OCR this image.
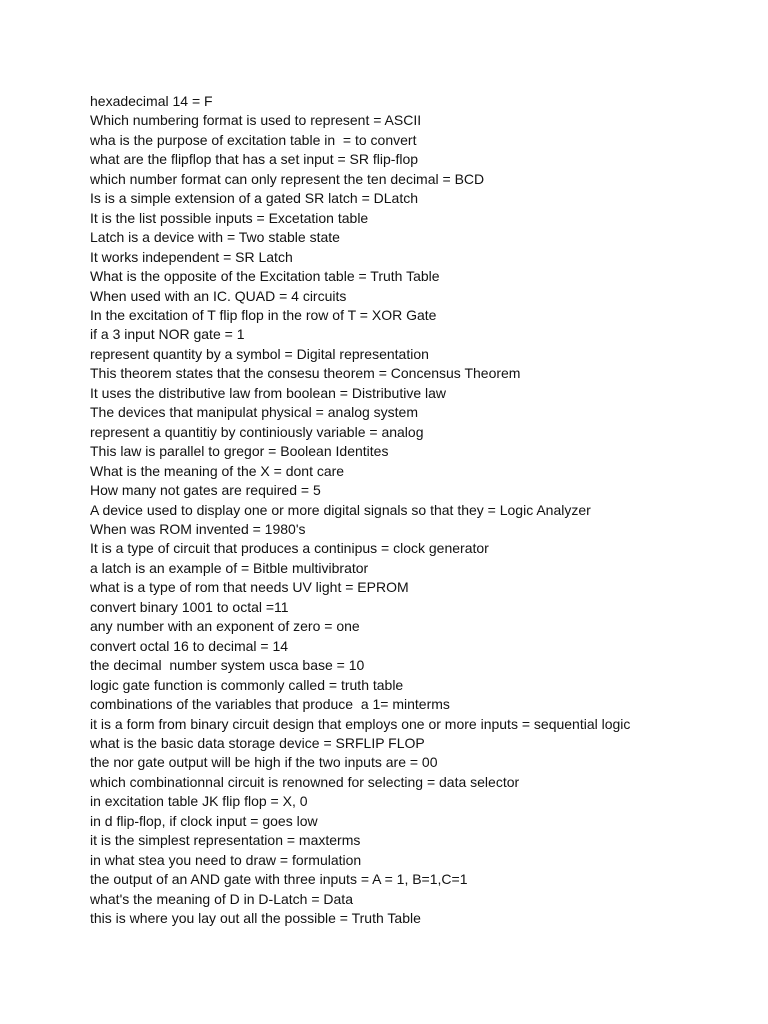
hexadecimal 14 = F
Which numbering format is used to represent = ASCII
wha is the purpose of excitation table in  = to convert
what are the flipflop that has a set input = SR flip-flop
which number format can only represent the ten decimal = BCD
Is is a simple extension of a gated SR latch = DLatch
It is the list possible inputs = Excetation table
Latch is a device with = Two stable state
It works independent = SR Latch
What is the opposite of the Excitation table = Truth Table
When used with an IC. QUAD = 4 circuits
In the excitation of T flip flop in the row of T = XOR Gate
if a 3 input NOR gate = 1
represent quantity by a symbol = Digital representation
This theorem states that the consesu theorem = Concensus Theorem
It uses the distributive law from boolean = Distributive law
The devices that manipulat physical = analog system
represent a quantitiy by continiously variable = analog
This law is parallel to gregor = Boolean Identites
What is the meaning of the X = dont care
How many not gates are required = 5
A device used to display one or more digital signals so that they = Logic Analyzer
When was ROM invented = 1980's
It is a type of circuit that produces a continipus = clock generator
a latch is an example of = Bitble multivibrator
what is a type of rom that needs UV light = EPROM
convert binary 1001 to octal =11
any number with an exponent of zero = one
convert octal 16 to decimal = 14
the decimal  number system usca base = 10
logic gate function is commonly called = truth table
combinations of the variables that produce  a 1= minterms
it is a form from binary circuit design that employs one or more inputs = sequential logic
what is the basic data storage device = SRFLIP FLOP
the nor gate output will be high if the two inputs are = 00
which combinationnal circuit is renowned for selecting = data selector
in excitation table JK flip flop = X, 0
in d flip-flop, if clock input = goes low
it is the simplest representation = maxterms
in what stea you need to draw = formulation
the output of an AND gate with three inputs = A = 1, B=1,C=1
what's the meaning of D in D-Latch = Data
this is where you lay out all the possible = Truth Table
